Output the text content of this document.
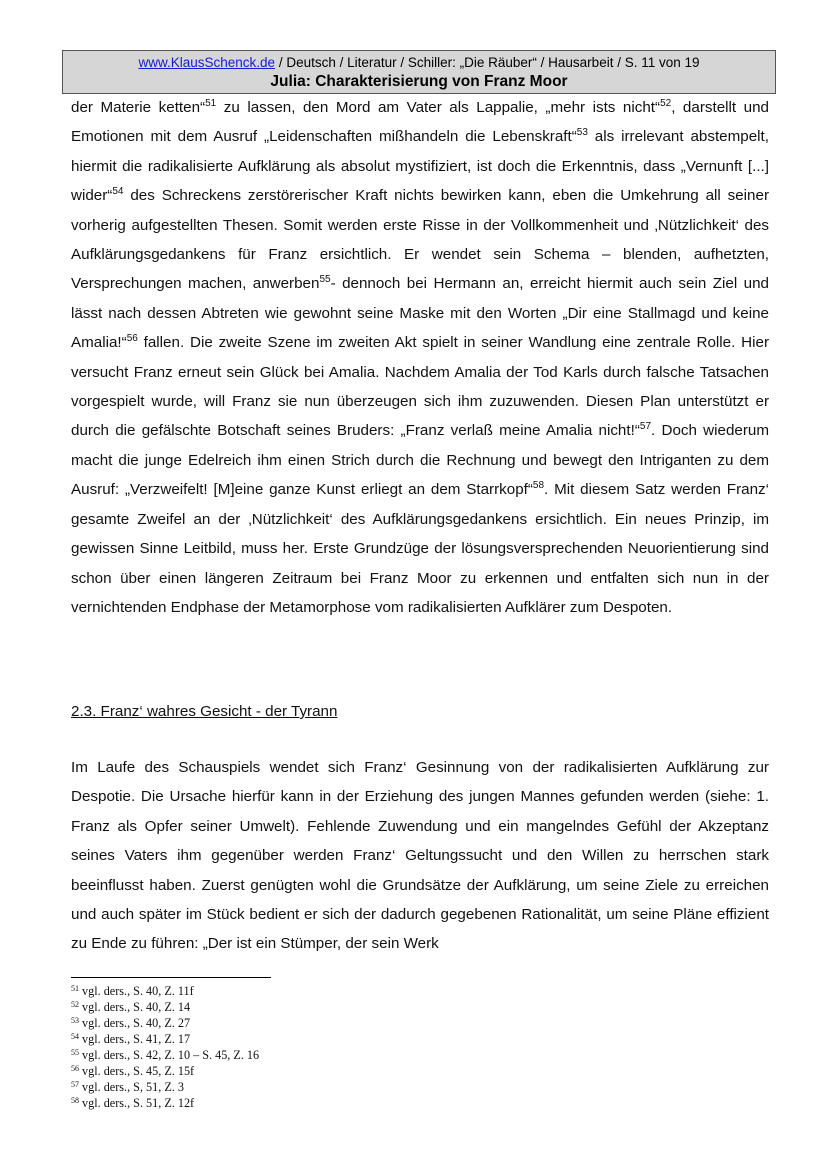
www.KlausSchenck.de / Deutsch / Literatur / Schiller: „Die Räuber“ / Hausarbeit / S. 11 von 19
Julia: Charakterisierung von Franz Moor

der Materie ketten“$^{51}$ zu lassen, den Mord am Vater als Lappalie, „mehr ists nicht“$^{52}$, darstellt und Emotionen mit dem Ausruf „Leidenschaften mißhandeln die Lebenskraft“$^{53}$ als irrelevant abstempelt, hiermit die radikalisierte Aufklärung als absolut mystifiziert, ist doch die Erkenntnis, dass „Vernunft [...] wider“$^{54}$ des Schreckens zerstörerischer Kraft nichts bewirken kann, eben die Umkehrung all seiner vorherig aufgestellten Thesen. Somit werden erste Risse in der Vollkommenheit und ‚Nützlichkeit‘ des Aufklärungsgedankens für Franz ersichtlich. Er wendet sein Schema – blenden, aufhetzten, Versprechungen machen, anwerben$^{55}$- dennoch bei Hermann an, erreicht hiermit auch sein Ziel und lässt nach dessen Abtreten wie gewohnt seine Maske mit den Worten „Dir eine Stallmagd und keine Amalia!“$^{56}$ fallen. Die zweite Szene im zweiten Akt spielt in seiner Wandlung eine zentrale Rolle. Hier versucht Franz erneut sein Glück bei Amalia. Nachdem Amalia der Tod Karls durch falsche Tatsachen vorgespielt wurde, will Franz sie nun überzeugen sich ihm zuzuwenden. Diesen Plan unterstützt er durch die gefälschte Botschaft seines Bruders: „Franz verlaß meine Amalia nicht!“$^{57}$. Doch wiederum macht die junge Edelreich ihm einen Strich durch die Rechnung und bewegt den Intriganten zu dem Ausruf: „Verzweifelt! [M]eine ganze Kunst erliegt an dem Starrkopf“$^{58}$. Mit diesem Satz werden Franz‘ gesamte Zweifel an der ‚Nützlichkeit‘ des Aufklärungsgedankens ersichtlich. Ein neues Prinzip, im gewissen Sinne Leitbild, muss her. Erste Grundzüge der lösungsversprechenden Neuorientierung sind schon über einen längeren Zeitraum bei Franz Moor zu erkennen und entfalten sich nun in der vernichtenden Endphase der Metamorphose vom radikalisierten Aufklärer zum Despoten.

2.3. Franz‘ wahres Gesicht - der Tyrann

Im Laufe des Schauspiels wendet sich Franz‘ Gesinnung von der radikalisierten Aufklärung zur Despotie. Die Ursache hierfür kann in der Erziehung des jungen Mannes gefunden werden (siehe: 1. Franz als Opfer seiner Umwelt). Fehlende Zuwendung und ein mangelndes Gefühl der Akzeptanz seines Vaters ihm gegenüber werden Franz‘ Geltungssucht und den Willen zu herrschen stark beeinflusst haben. Zuerst genügten wohl die Grundsätze der Aufklärung, um seine Ziele zu erreichen und auch später im Stück bedient er sich der dadurch gegebenen Rationalität, um seine Pläne effizient zu Ende zu führen: „Der ist ein Stümper, der sein Werk

$^{51}$ vgl. ders., S. 40, Z. 11f
$^{52}$ vgl. ders., S. 40, Z. 14
$^{53}$ vgl. ders., S. 40, Z. 27
$^{54}$ vgl. ders., S. 41, Z. 17
$^{55}$ vgl. ders., S. 42, Z. 10 – S. 45, Z. 16
$^{56}$ vgl. ders., S. 45, Z. 15f
$^{57}$ vgl. ders., S, 51, Z. 3
$^{58}$ vgl. ders., S. 51, Z. 12f
